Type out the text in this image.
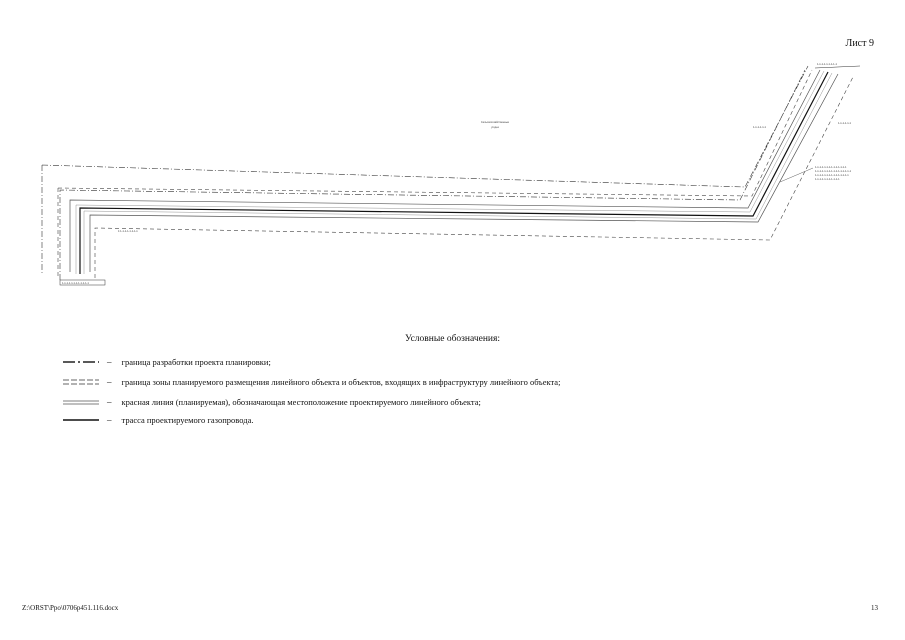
Лист 9
1-1-1-1-1-1-1-1-1-1-1-1
1:1-1-1-1-1-1-1-1
1-1-1-1-1-1-1-1-1
1-1-1-1-1-1
1-1-1-1-1-1
1-1-1-1-1-1-1-1-1-1-1-1-1-1
1-1-1-1-1-1-1-1-1-1-1-1-1-1-1-1
1-1-1-1-1-1-1-1-1-1-1-1-1-1-1
1-1-1-1-1-1-1-1-1-1-1
Сельскохозяйственные
угодья
Условные обозначения:
– граница разработки проекта планировки;
– граница зоны планируемого размещения линейного объекта и объектов, входящих в инфраструктуру линейного объекта;
– красная линия (планируемая), обозначающая местоположение проектируемого линейного объекта;
– трасса проектируемого газопровода.
Z:\ORST\Ppo\0706p451.116.docx	13
